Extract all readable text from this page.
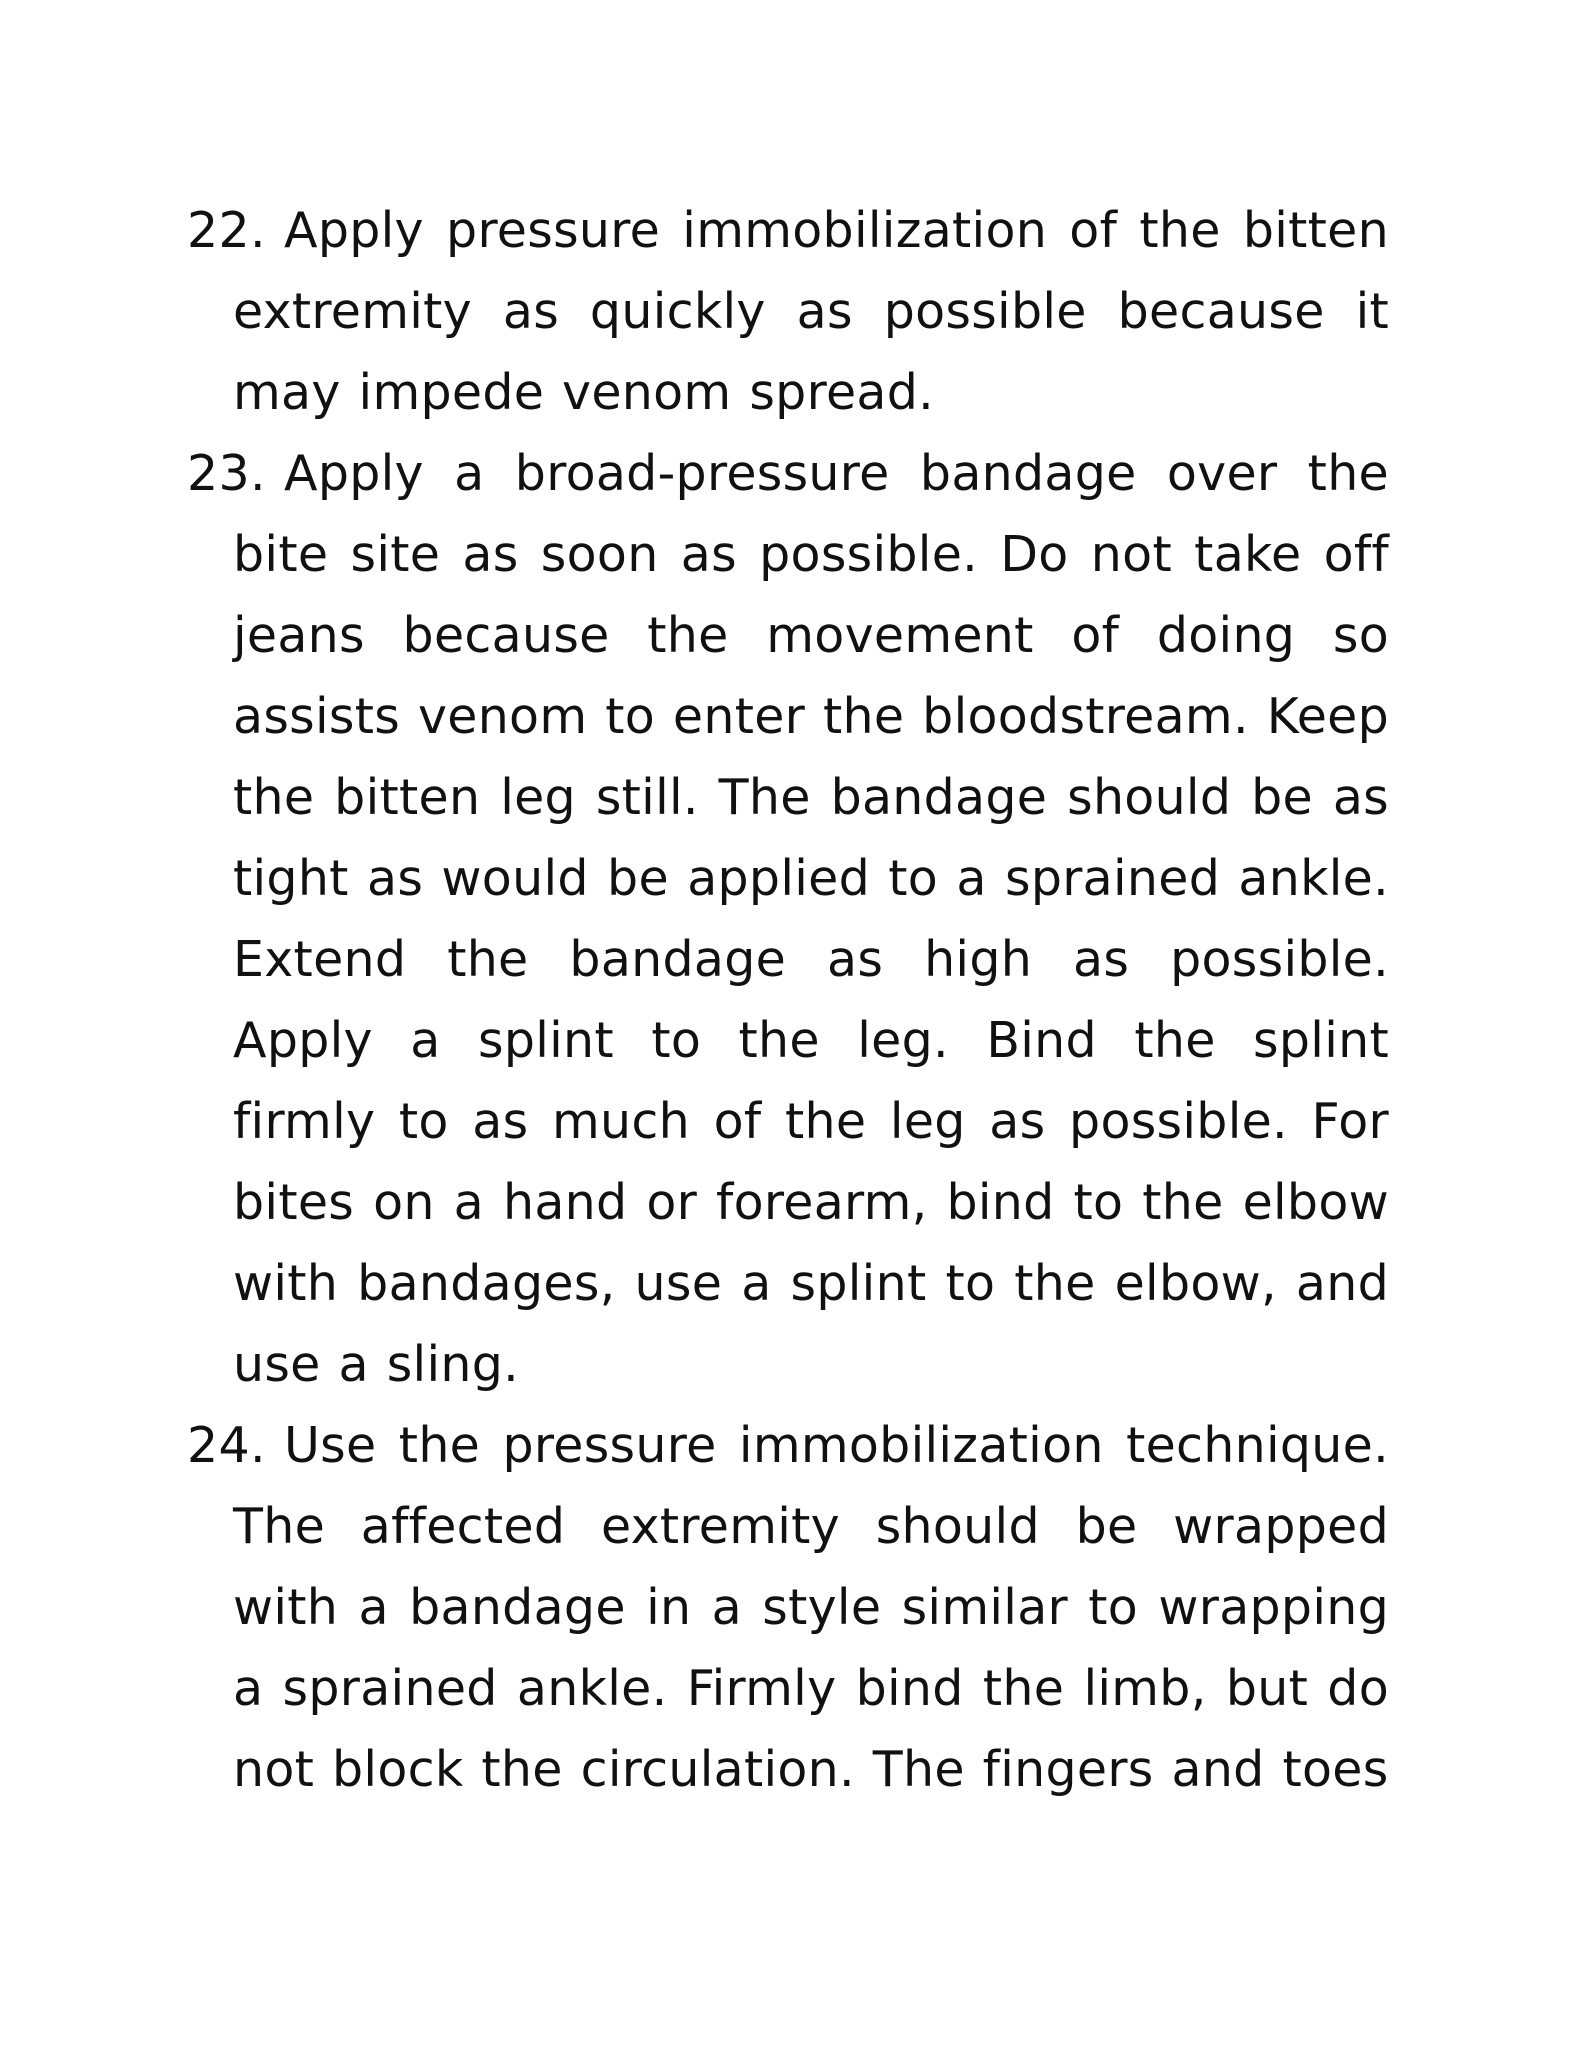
22. Apply pressure immobilization of the bitten extremity as quickly as possible because it may impede venom spread.
23. Apply a broad-pressure bandage over the bite site as soon as possible. Do not take off jeans because the movement of doing so assists venom to enter the bloodstream. Keep the bitten leg still. The bandage should be as tight as would be applied to a sprained ankle. Extend the bandage as high as possible. Apply a splint to the leg. Bind the splint firmly to as much of the leg as possible. For bites on a hand or forearm, bind to the elbow with bandages, use a splint to the elbow, and use a sling.
24. Use the pressure immobilization technique. The affected extremity should be wrapped with a bandage in a style similar to wrapping a sprained ankle. Firmly bind the limb, but do not block the circulation. The fingers and toes
